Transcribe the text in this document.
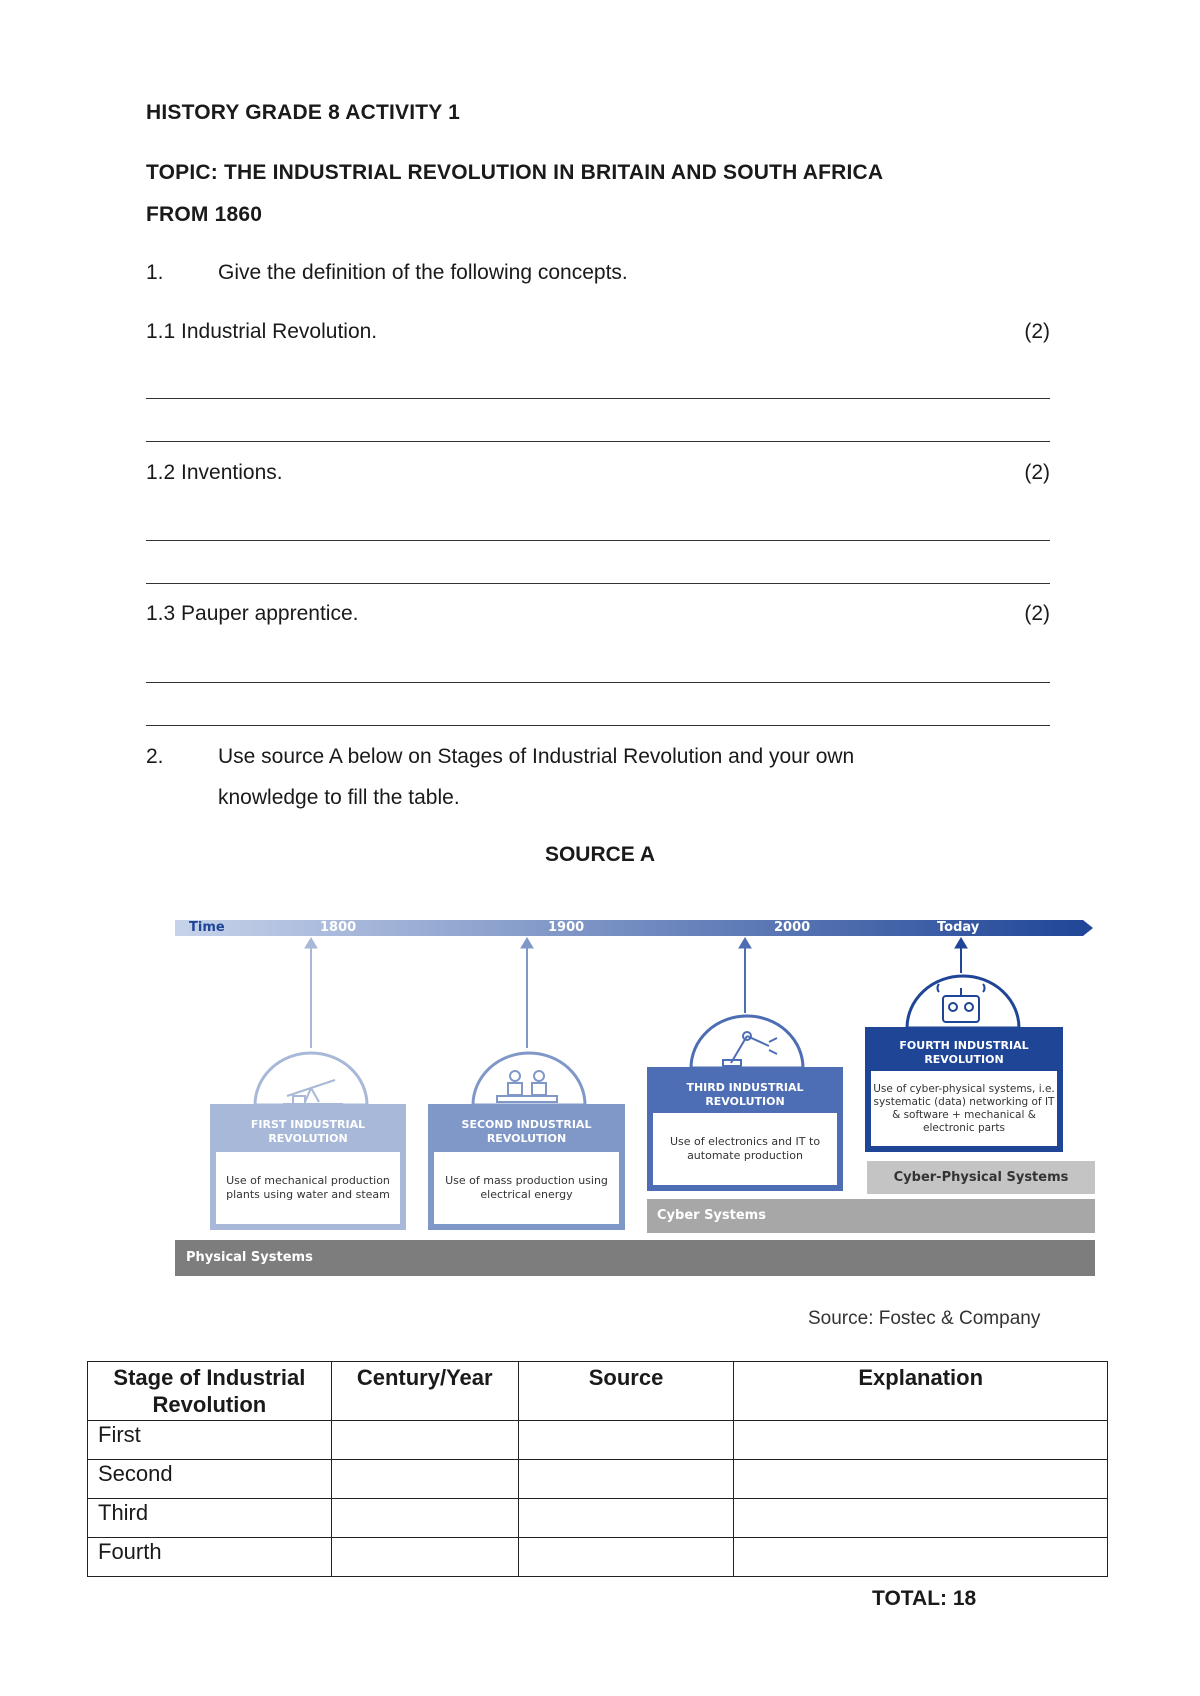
HISTORY GRADE 8 ACTIVITY 1
TOPIC: THE INDUSTRIAL REVOLUTION IN BRITAIN AND SOUTH AFRICA
FROM 1860
1.	Give the definition of the following concepts.
1.1 Industrial Revolution.	(2)
1.2 Inventions.	(2)
1.3 Pauper apprentice.	(2)
2.	Use source A below on Stages of Industrial Revolution and your own
knowledge to fill the table.
SOURCE A
Time	1800	1900	2000	Today
FIRST INDUSTRIAL REVOLUTION
Use of mechanical production plants using water and steam
SECOND INDUSTRIAL REVOLUTION
Use of mass production using electrical energy
THIRD INDUSTRIAL REVOLUTION
Use of electronics and IT to automate production
FOURTH INDUSTRIAL REVOLUTION
Use of cyber-physical systems, i.e. systematic (data) networking of IT & software + mechanical & electronic parts
Cyber-Physical Systems
Cyber Systems
Physical Systems
Source: Fostec & Company
Stage of Industrial Revolution	Century/Year	Source	Explanation
First			
Second			
Third			
Fourth			
TOTAL: 18
